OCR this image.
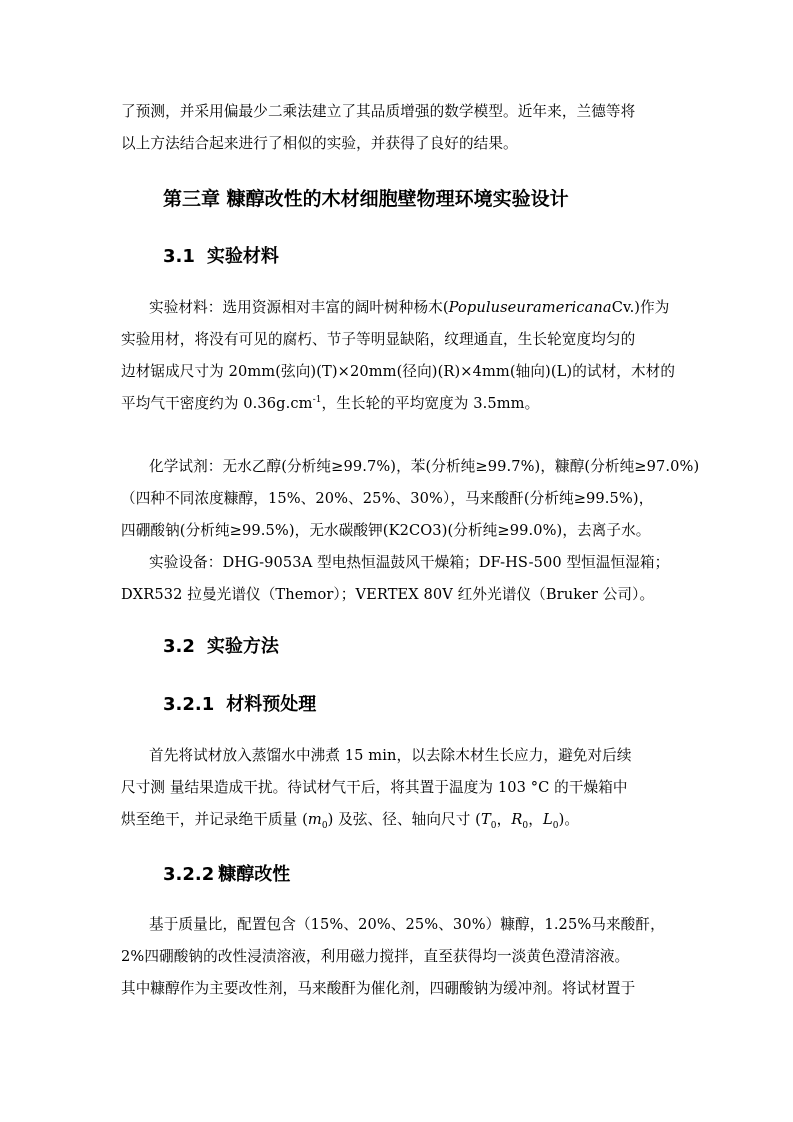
了预测，并采用偏最少二乘法建立了其品质增强的数学模型。近年来，兰德等将
以上方法结合起来进行了相似的实验，并获得了良好的结果。
第三章 糠醇改性的木材细胞壁物理环境实验设计
3.1 实验材料
实验材料：选用资源相对丰富的阔叶树种杨木(PopuluseuramericanaCv.)作为
实验用材，将没有可见的腐朽、节子等明显缺陷，纹理通直，生长轮宽度均匀的
边材锯成尺寸为 20mm(弦向)(T)×20mm(径向)(R)×4mm(轴向)(L)的试材，木材的
平均气干密度约为 $0.36g.cm^{-1}$，生长轮的平均宽度为 3.5mm。
化学试剂：无水乙醇(分析纯≥99.7%)，苯(分析纯≥99.7%)，糠醇(分析纯≥97.0%)
（四种不同浓度糠醇，15%、20%、25%、30%），马来酸酐(分析纯≥99.5%)，
四硼酸钠(分析纯≥99.5%)，无水碳酸钾(K2CO3)(分析纯≥99.0%)，去离子水。
实验设备：DHG-9053A 型电热恒温鼓风干燥箱；DF-HS-500 型恒温恒湿箱；
DXR532 拉曼光谱仪（Themor）；VERTEX 80V 红外光谱仪（Bruker 公司）。
3.2 实验方法
3.2.1 材料预处理
首先将试材放入蒸馏水中沸煮 15 min，以去除木材生长应力，避免对后续
尺寸测 量结果造成干扰。待试材气干后，将其置于温度为 103 °C 的干燥箱中
烘至绝干，并记录绝干质量 $(m_0)$ 及弦、径、轴向尺寸 ($T_0$，$R_0$，$L_0$)。
3.2.2 糠醇改性
基于质量比，配置包含（15%、20%、25%、30%）糠醇，1.25%马来酸酐，
2%四硼酸钠的改性浸渍溶液，利用磁力搅拌，直至获得均一淡黄色澄清溶液。
其中糠醇作为主要改性剂，马来酸酐为催化剂，四硼酸钠为缓冲剂。将试材置于
